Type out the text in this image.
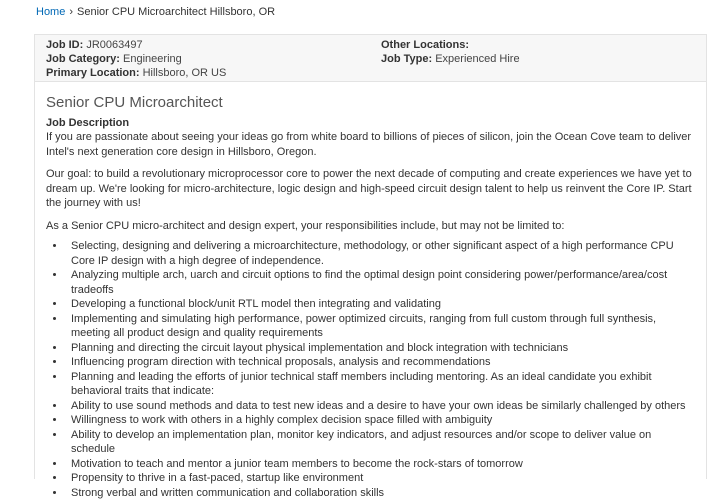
Home › Senior CPU Microarchitect Hillsboro, OR
Job ID: JR0063497
Job Category: Engineering
Primary Location: Hillsboro, OR US
Other Locations:
Job Type: Experienced Hire
Senior CPU Microarchitect
Job Description

If you are passionate about seeing your ideas go from white board to billions of pieces of silicon, join the Ocean Cove team to deliver Intel's next generation core design in Hillsboro, Oregon.

Our goal: to build a revolutionary microprocessor core to power the next decade of computing and create experiences we have yet to dream up. We're looking for micro-architecture, logic design and high-speed circuit design talent to help us reinvent the Core IP. Start the journey with us!

As a Senior CPU micro-architect and design expert, your responsibilities include, but may not be limited to:

• Selecting, designing and delivering a microarchitecture, methodology, or other significant aspect of a high performance CPU Core IP design with a high degree of independence.
• Analyzing multiple arch, uarch and circuit options to find the optimal design point considering power/performance/area/cost tradeoffs
• Developing a functional block/unit RTL model then integrating and validating
• Implementing and simulating high performance, power optimized circuits, ranging from full custom through full synthesis, meeting all product design and quality requirements
• Planning and directing the circuit layout physical implementation and block integration with technicians
• Influencing program direction with technical proposals, analysis and recommendations
• Planning and leading the efforts of junior technical staff members including mentoring. As an ideal candidate you exhibit behavioral traits that indicate:
• Ability to use sound methods and data to test new ideas and a desire to have your own ideas be similarly challenged by others
• Willingness to work with others in a highly complex decision space filled with ambiguity
• Ability to develop an implementation plan, monitor key indicators, and adjust resources and/or scope to deliver value on schedule
• Motivation to teach and mentor a junior team members to become the rock-stars of tomorrow
• Propensity to thrive in a fast-paced, startup like environment
• Strong verbal and written communication and collaboration skills
